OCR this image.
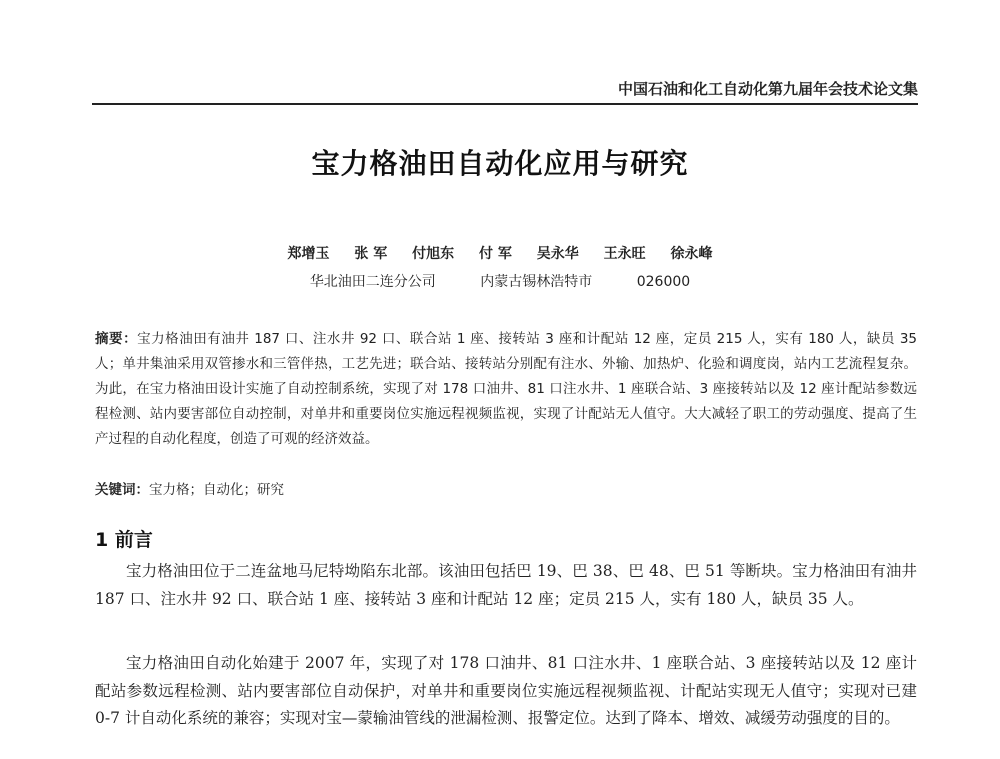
中国石油和化工自动化第九届年会技术论文集
宝力格油田自动化应用与研究
郑增玉 张 军 付旭东 付 军 吴永华 王永旺 徐永峰
华北油田二连分公司	内蒙古锡林浩特市	026000
摘要：宝力格油田有油井 187 口、注水井 92 口、联合站 1 座、接转站 3 座和计配站 12 座，定员 215 人，实有 180 人，缺员 35 人；单井集油采用双管掺水和三管伴热，工艺先进；联合站、接转站分别配有注水、外输、加热炉、化验和调度岗，站内工艺流程复杂。为此，在宝力格油田设计实施了自动控制系统，实现了对 178 口油井、81 口注水井、1 座联合站、3 座接转站以及 12 座计配站参数远程检测、站内要害部位自动控制，对单井和重要岗位实施远程视频监视，实现了计配站无人值守。大大减轻了职工的劳动强度、提高了生产过程的自动化程度，创造了可观的经济效益。
关键词：宝力格；自动化；研究
1 前言
宝力格油田位于二连盆地马尼特坳陷东北部。该油田包括巴 19、巴 38、巴 48、巴 51 等断块。宝力格油田有油井 187 口、注水井 92 口、联合站 1 座、接转站 3 座和计配站 12 座；定员 215 人，实有 180 人，缺员 35 人。
宝力格油田自动化始建于 2007 年，实现了对 178 口油井、81 口注水井、1 座联合站、3 座接转站以及 12 座计配站参数远程检测、站内要害部位自动保护，对单井和重要岗位实施远程视频监视、计配站实现无人值守；实现对已建 0-7 计自动化系统的兼容；实现对宝—蒙输油管线的泄漏检测、报警定位。达到了降本、增效、减缓劳动强度的目的。
